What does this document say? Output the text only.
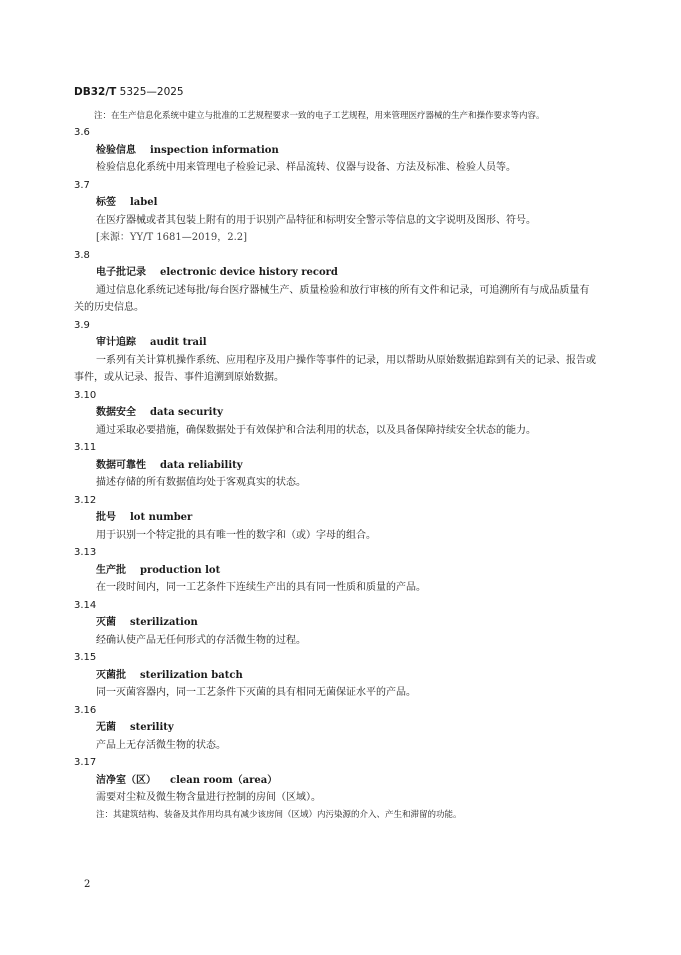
DB32/T 5325—2025
注：在生产信息化系统中建立与批准的工艺规程要求一致的电子工艺规程，用来管理医疗器械的生产和操作要求等内容。
3.6
检验信息 inspection information
检验信息化系统中用来管理电子检验记录、样品流转、仪器与设备、方法及标准、检验人员等。
3.7
标签 label
在医疗器械或者其包装上附有的用于识别产品特征和标明安全警示等信息的文字说明及图形、符号。
[来源：YY/T 1681—2019，2.2]
3.8
电子批记录 electronic device history record
通过信息化系统记述每批/每台医疗器械生产、质量检验和放行审核的所有文件和记录，可追溯所有与成品质量有关的历史信息。
3.9
审计追踪 audit trail
一系列有关计算机操作系统、应用程序及用户操作等事件的记录，用以帮助从原始数据追踪到有关的记录、报告或事件，或从记录、报告、事件追溯到原始数据。
3.10
数据安全 data security
通过采取必要措施，确保数据处于有效保护和合法利用的状态，以及具备保障持续安全状态的能力。
3.11
数据可靠性 data reliability
描述存储的所有数据值均处于客观真实的状态。
3.12
批号 lot number
用于识别一个特定批的具有唯一性的数字和（或）字母的组合。
3.13
生产批 production lot
在一段时间内，同一工艺条件下连续生产出的具有同一性质和质量的产品。
3.14
灭菌 sterilization
经确认使产品无任何形式的存活微生物的过程。
3.15
灭菌批 sterilization batch
同一灭菌容器内，同一工艺条件下灭菌的具有相同无菌保证水平的产品。
3.16
无菌 sterility
产品上无存活微生物的状态。
3.17
洁净室（区） clean room（area）
需要对尘粒及微生物含量进行控制的房间（区域）。
注：其建筑结构、装备及其作用均具有减少该房间（区域）内污染源的介入、产生和滞留的功能。
2
